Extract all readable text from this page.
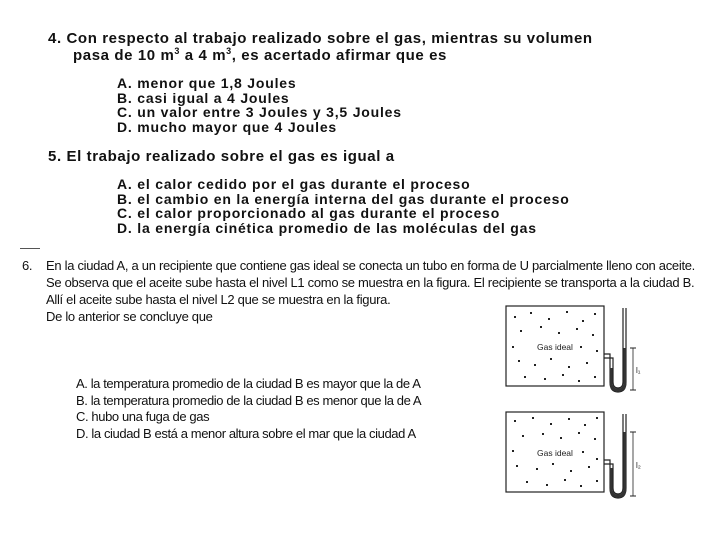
4. Con respecto al trabajo realizado sobre el gas, mientras su volumen
pasa de 10 $m^3$ a 4 $m^3$, es acertado afirmar que es
A. menor que 1,8 Joules
B. casi igual a 4 Joules
C. un valor entre 3 Joules y 3,5 Joules
D. mucho mayor que 4 Joules
5. El trabajo realizado sobre el gas es igual a
A. el calor cedido por el gas durante el proceso
B. el cambio en la energía interna del gas durante el proceso
C. el calor proporcionado al gas durante el proceso
D. la energía cinética promedio de las moléculas del gas
6. En la ciudad A, a un recipiente que contiene gas ideal se conecta un tubo en forma de U parcialmente lleno con aceite.
Se observa que el aceite sube hasta el nivel L1 como se muestra en la figura. El recipiente se transporta a la ciudad B.
Allí el aceite sube hasta el nivel L2 que se muestra en la figura.
De lo anterior se concluye que
A. la temperatura promedio de la ciudad B es mayor que la de A
B. la temperatura promedio de la ciudad B es menor que la de A
C. hubo una fuga de gas
D. la ciudad B está a menor altura sobre el mar que la ciudad A
Gas ideal
l₁
Gas ideal
l₂
